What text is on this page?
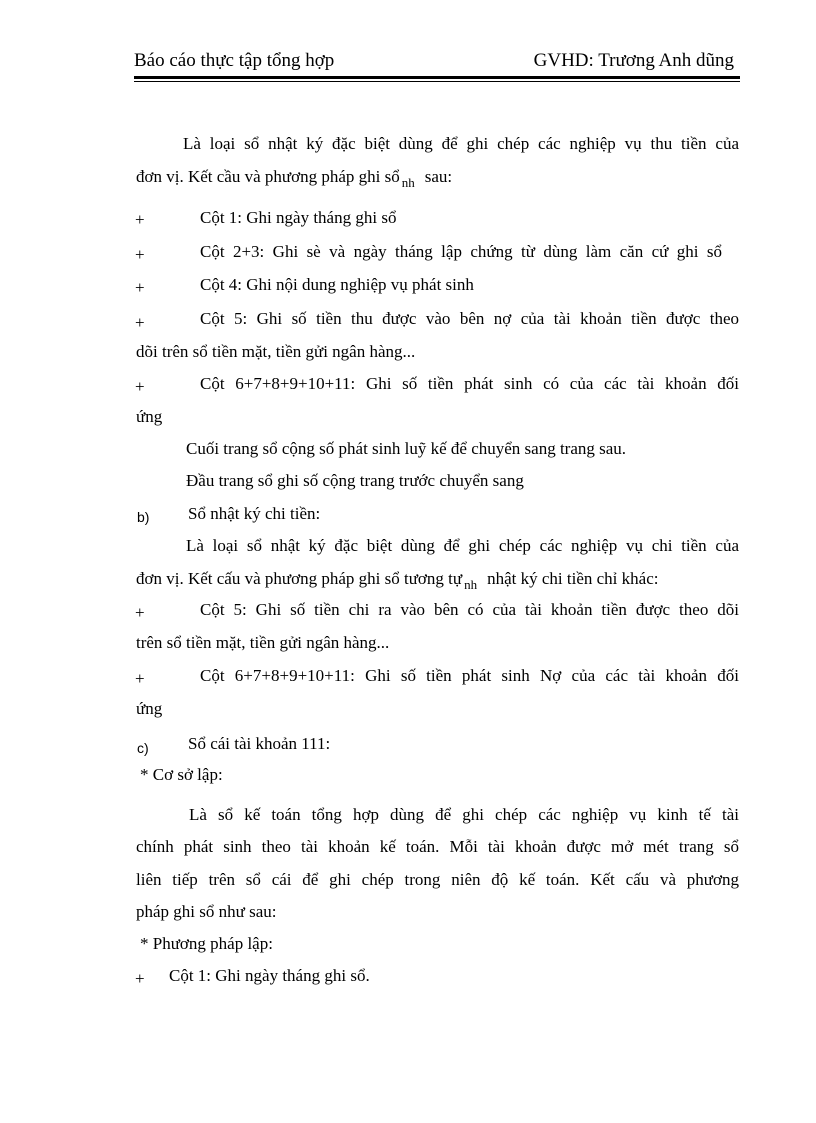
Báo cáo thực tập tổng hợp	GVHD: Trương Anh dũng
Là loại sổ nhật ký đặc biệt dùng để ghi chép các nghiệp vụ thu tiền của
đơn vị. Kết cầu và phương pháp ghi sổ $_{nh}$ sau:
+	Cột 1: Ghi ngày tháng ghi sổ
+	Cột 2+3: Ghi sè và ngày tháng lập chứng từ dùng làm căn cứ ghi sổ
+	Cột 4: Ghi nội dung nghiệp vụ phát sinh
+	Cột 5: Ghi số tiền thu được vào bên nợ của tài khoản tiền được theo
dõi trên sổ tiền mặt, tiền gửi ngân hàng...
+	Cột 6+7+8+9+10+11: Ghi số tiền phát sinh có của các tài khoản đối
ứng
Cuối trang sổ cộng số phát sinh luỹ kế để chuyển sang trang sau.
Đầu trang sổ ghi số cộng trang trước chuyển sang
b) Sổ nhật ký chi tiền:
Là loại sổ nhật ký đặc biệt dùng để ghi chép các nghiệp vụ chi tiền của
đơn vị. Kết cấu và phương pháp ghi sổ tương tự $_{nh}$ nhật ký chi tiền chỉ khác:
+	Cột 5: Ghi số tiền chi ra vào bên có của tài khoản tiền được theo dõi
trên sổ tiền mặt, tiền gửi ngân hàng...
+	Cột 6+7+8+9+10+11: Ghi số tiền phát sinh Nợ của các tài khoản đối
ứng
c) Sổ cái tài khoản 111:
* Cơ sở lập:
Là sổ kế toán tổng hợp dùng để ghi chép các nghiệp vụ kinh tế tài
chính phát sinh theo tài khoản kế toán. Mỗi tài khoản được mở mét trang sổ
liên tiếp trên sổ cái để ghi chép trong niên độ kế toán. Kết cấu và phương
pháp ghi sổ như sau:
* Phương pháp lập:
+ Cột 1: Ghi ngày tháng ghi sổ.
